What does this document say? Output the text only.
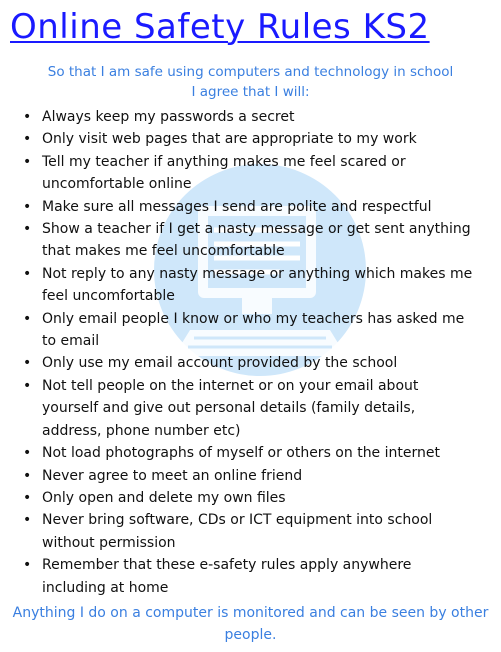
Online Safety Rules KS2
So that I am safe using computers and technology in school
I agree that I will:
• Always keep my passwords a secret
• Only visit web pages that are appropriate to my work
• Tell my teacher if anything makes me feel scared or uncomfortable online
• Make sure all messages I send are polite and respectful
• Show a teacher if I get a nasty message or get sent anything that makes me feel uncomfortable
• Not reply to any nasty message or anything which makes me feel uncomfortable
• Only email people I know or who my teachers has asked me to email
• Only use my email account provided by the school
• Not tell people on the internet or on your email about yourself and give out personal details (family details, address, phone number etc)
• Not load photographs of myself or others on the internet
• Never agree to meet an online friend
• Only open and delete my own files
• Never bring software, CDs or ICT equipment into school without permission
• Remember that these e-safety rules apply anywhere including at home
Anything I do on a computer is monitored and can be seen by other people.
